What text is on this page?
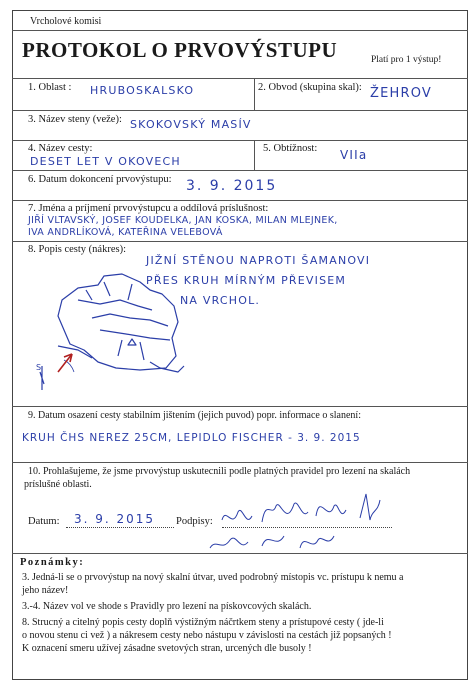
Vrcholové komisi
PROTOKOL O PRVOVÝSTUPU	Platí pro 1 výstup!
1. Oblast : HRUBOSKALSKO	2. Obvod (skupina skal): ŽEHROV
3. Název steny (veže): SKOKOVSKÝ MASÍV
4. Název cesty:
DESET LET V OKOVECH
5. Obtížnost: VIIa
6. Datum dokoncení prvovýstupu: 3. 9. 2015
7. Jména a príjmení prvovýstupcu a oddílová príslušnost:
JIŘÍ VLTAVSKÝ, JOSEF KOUDELKA, JAN KOSKA, MILAN MLEJNEK,
IVA ANDRLÍKOVÁ, KATEŘINA VELEBOVÁ
8. Popis cesty (nákres):
JIŽNÍ STĚNOU NAPROTI ŠAMANOVI
PŘES KRUH MÍRNÝM PŘEVISEM
NA VRCHOL.
S
9. Datum osazení cesty stabilním jištením (jejich puvod) popr. informace o slanení:
KRUH ČHS NEREZ 25CM, LEPIDLO FISCHER - 3. 9. 2015
10. Prohlašujeme, že jsme prvovýstup uskutecnili podle platných pravidel pro lezení na skalách
príslušné oblasti.
Datum: 3. 9. 2015 Podpisy:
Poznámky:
3. Jedná-li se o prvovýstup na nový skalní útvar, uved podrobný místopis vc. prístupu k nemu a
jeho název!
3.-4. Název vol ve shode s Pravidly pro lezení na pískovcových skalách.
8. Strucný a citelný popis cesty doplň výstižným náčrtkem steny a prístupové cesty ( jde-li
o novou stenu ci vež ) a nákresem cesty nebo nástupu v závislosti na cestách již popsaných !
K oznacení smeru užívej zásadne svetových stran, urcených dle busoly !
